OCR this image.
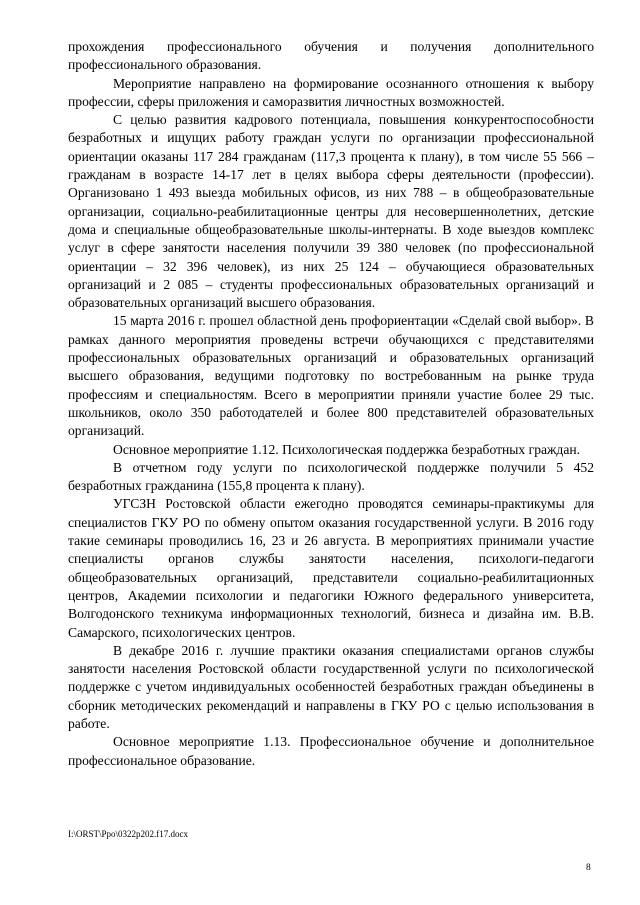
прохождения профессионального обучения и получения дополнительного профессионального образования.

Мероприятие направлено на формирование осознанного отношения к выбору профессии, сферы приложения и саморазвития личностных возможностей.

С целью развития кадрового потенциала, повышения конкурентоспособности безработных и ищущих работу граждан услуги по организации профессиональной ориентации оказаны 117 284 гражданам (117,3 процента к плану), в том числе 55 566 – гражданам в возрасте 14-17 лет в целях выбора сферы деятельности (профессии). Организовано 1 493 выезда мобильных офисов, из них 788 – в общеобразовательные организации, социально-реабилитационные центры для несовершеннолетних, детские дома и специальные общеобразовательные школы-интернаты. В ходе выездов комплекс услуг в сфере занятости населения получили 39 380 человек (по профессиональной ориентации – 32 396 человек), из них 25 124 – обучающиеся образовательных организаций и 2 085 – студенты профессиональных образовательных организаций и образовательных организаций высшего образования.

15 марта 2016 г. прошел областной день профориентации «Сделай свой выбор». В рамках данного мероприятия проведены встречи обучающихся с представителями профессиональных образовательных организаций и образовательных организаций высшего образования, ведущими подготовку по востребованным на рынке труда профессиям и специальностям. Всего в мероприятии приняли участие более 29 тыс. школьников, около 350 работодателей и более 800 представителей образовательных организаций.

Основное мероприятие 1.12. Психологическая поддержка безработных граждан.

В отчетном году услуги по психологической поддержке получили 5 452 безработных гражданина (155,8 процента к плану).

УГСЗН Ростовской области ежегодно проводятся семинары-практикумы для специалистов ГКУ РО по обмену опытом оказания государственной услуги. В 2016 году такие семинары проводились 16, 23 и 26 августа. В мероприятиях принимали участие специалисты органов службы занятости населения, психологи-педагоги общеобразовательных организаций, представители социально-реабилитационных центров, Академии психологии и педагогики Южного федерального университета, Волгодонского техникума информационных технологий, бизнеса и дизайна им. В.В. Самарского, психологических центров.

В декабре 2016 г. лучшие практики оказания специалистами органов службы занятости населения Ростовской области государственной услуги по психологической поддержке с учетом индивидуальных особенностей безработных граждан объединены в сборник методических рекомендаций и направлены в ГКУ РО с целью использования в работе.

Основное мероприятие 1.13. Профессиональное обучение и дополнительное профессиональное образование.

I:\ORST\Ppo\0322p202.f17.docx
8
